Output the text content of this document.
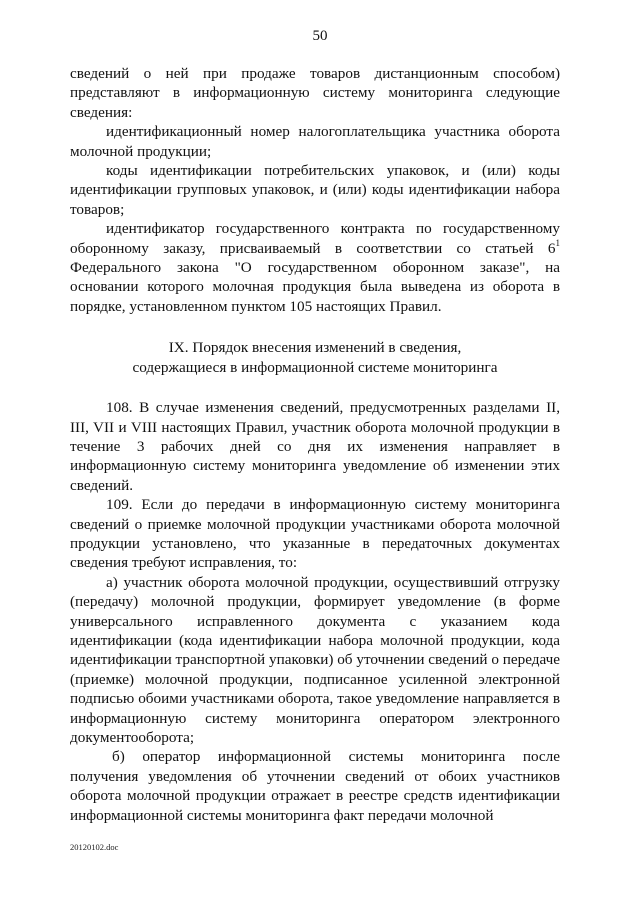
50

сведений о ней при продаже товаров дистанционным способом) представляют в информационную систему мониторинга следующие сведения:

идентификационный номер налогоплательщика участника оборота молочной продукции;

коды идентификации потребительских упаковок, и (или) коды идентификации групповых упаковок, и (или) коды идентификации набора товаров;

идентификатор государственного контракта по государственному оборонному заказу, присваиваемый в соответствии со статьей $6^1$ Федерального закона "О государственном оборонном заказе", на основании которого молочная продукция была выведена из оборота в порядке, установленном пунктом 105 настоящих Правил.

IX. Порядок внесения изменений в сведения,
содержащиеся в информационной системе мониторинга

108. В случае изменения сведений, предусмотренных разделами II, III, VII и VIII настоящих Правил, участник оборота молочной продукции в течение 3 рабочих дней со дня их изменения направляет в информационную систему мониторинга уведомление об изменении этих сведений.

109. Если до передачи в информационную систему мониторинга сведений о приемке молочной продукции участниками оборота молочной продукции установлено, что указанные в передаточных документах сведения требуют исправления, то:

а) участник оборота молочной продукции, осуществивший отгрузку (передачу) молочной продукции, формирует уведомление (в форме универсального исправленного документа с указанием кода идентификации (кода идентификации набора молочной продукции, кода идентификации транспортной упаковки) об уточнении сведений о передаче (приемке) молочной продукции, подписанное усиленной электронной подписью обоими участниками оборота, такое уведомление направляется в информационную систему мониторинга оператором электронного документооборота;

б) оператор информационной системы мониторинга после получения уведомления об уточнении сведений от обоих участников оборота молочной продукции отражает в реестре средств идентификации информационной системы мониторинга факт передачи молочной

20120102.doc
